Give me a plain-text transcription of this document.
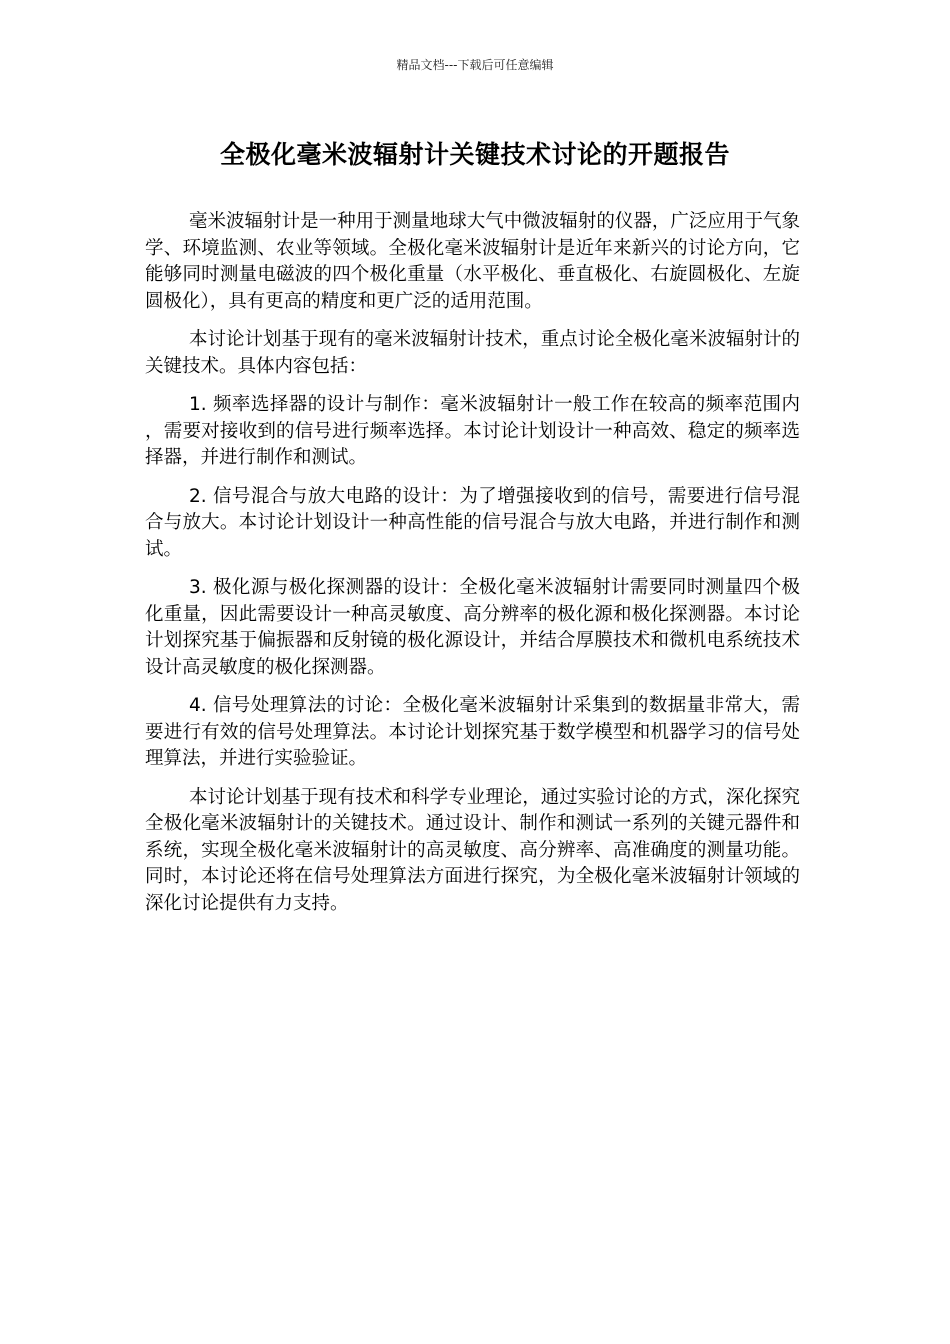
精品文档---下载后可任意编辑
全极化毫米波辐射计关键技术讨论的开题报告

毫米波辐射计是一种用于测量地球大气中微波辐射的仪器，广泛应用于气象学、环境监测、农业等领域。全极化毫米波辐射计是近年来新兴的讨论方向，它能够同时测量电磁波的四个极化重量（水平极化、垂直极化、右旋圆极化、左旋圆极化），具有更高的精度和更广泛的适用范围。

本讨论计划基于现有的毫米波辐射计技术，重点讨论全极化毫米波辐射计的关键技术。具体内容包括：

1. 频率选择器的设计与制作：毫米波辐射计一般工作在较高的频率范围内，需要对接收到的信号进行频率选择。本讨论计划设计一种高效、稳定的频率选择器，并进行制作和测试。

2. 信号混合与放大电路的设计：为了增强接收到的信号，需要进行信号混合与放大。本讨论计划设计一种高性能的信号混合与放大电路，并进行制作和测试。

3. 极化源与极化探测器的设计：全极化毫米波辐射计需要同时测量四个极化重量，因此需要设计一种高灵敏度、高分辨率的极化源和极化探测器。本讨论计划探究基于偏振器和反射镜的极化源设计，并结合厚膜技术和微机电系统技术设计高灵敏度的极化探测器。

4. 信号处理算法的讨论：全极化毫米波辐射计采集到的数据量非常大，需要进行有效的信号处理算法。本讨论计划探究基于数学模型和机器学习的信号处理算法，并进行实验验证。

本讨论计划基于现有技术和科学专业理论，通过实验讨论的方式，深化探究全极化毫米波辐射计的关键技术。通过设计、制作和测试一系列的关键元器件和系统，实现全极化毫米波辐射计的高灵敏度、高分辨率、高准确度的测量功能。同时，本讨论还将在信号处理算法方面进行探究，为全极化毫米波辐射计领域的深化讨论提供有力支持。
